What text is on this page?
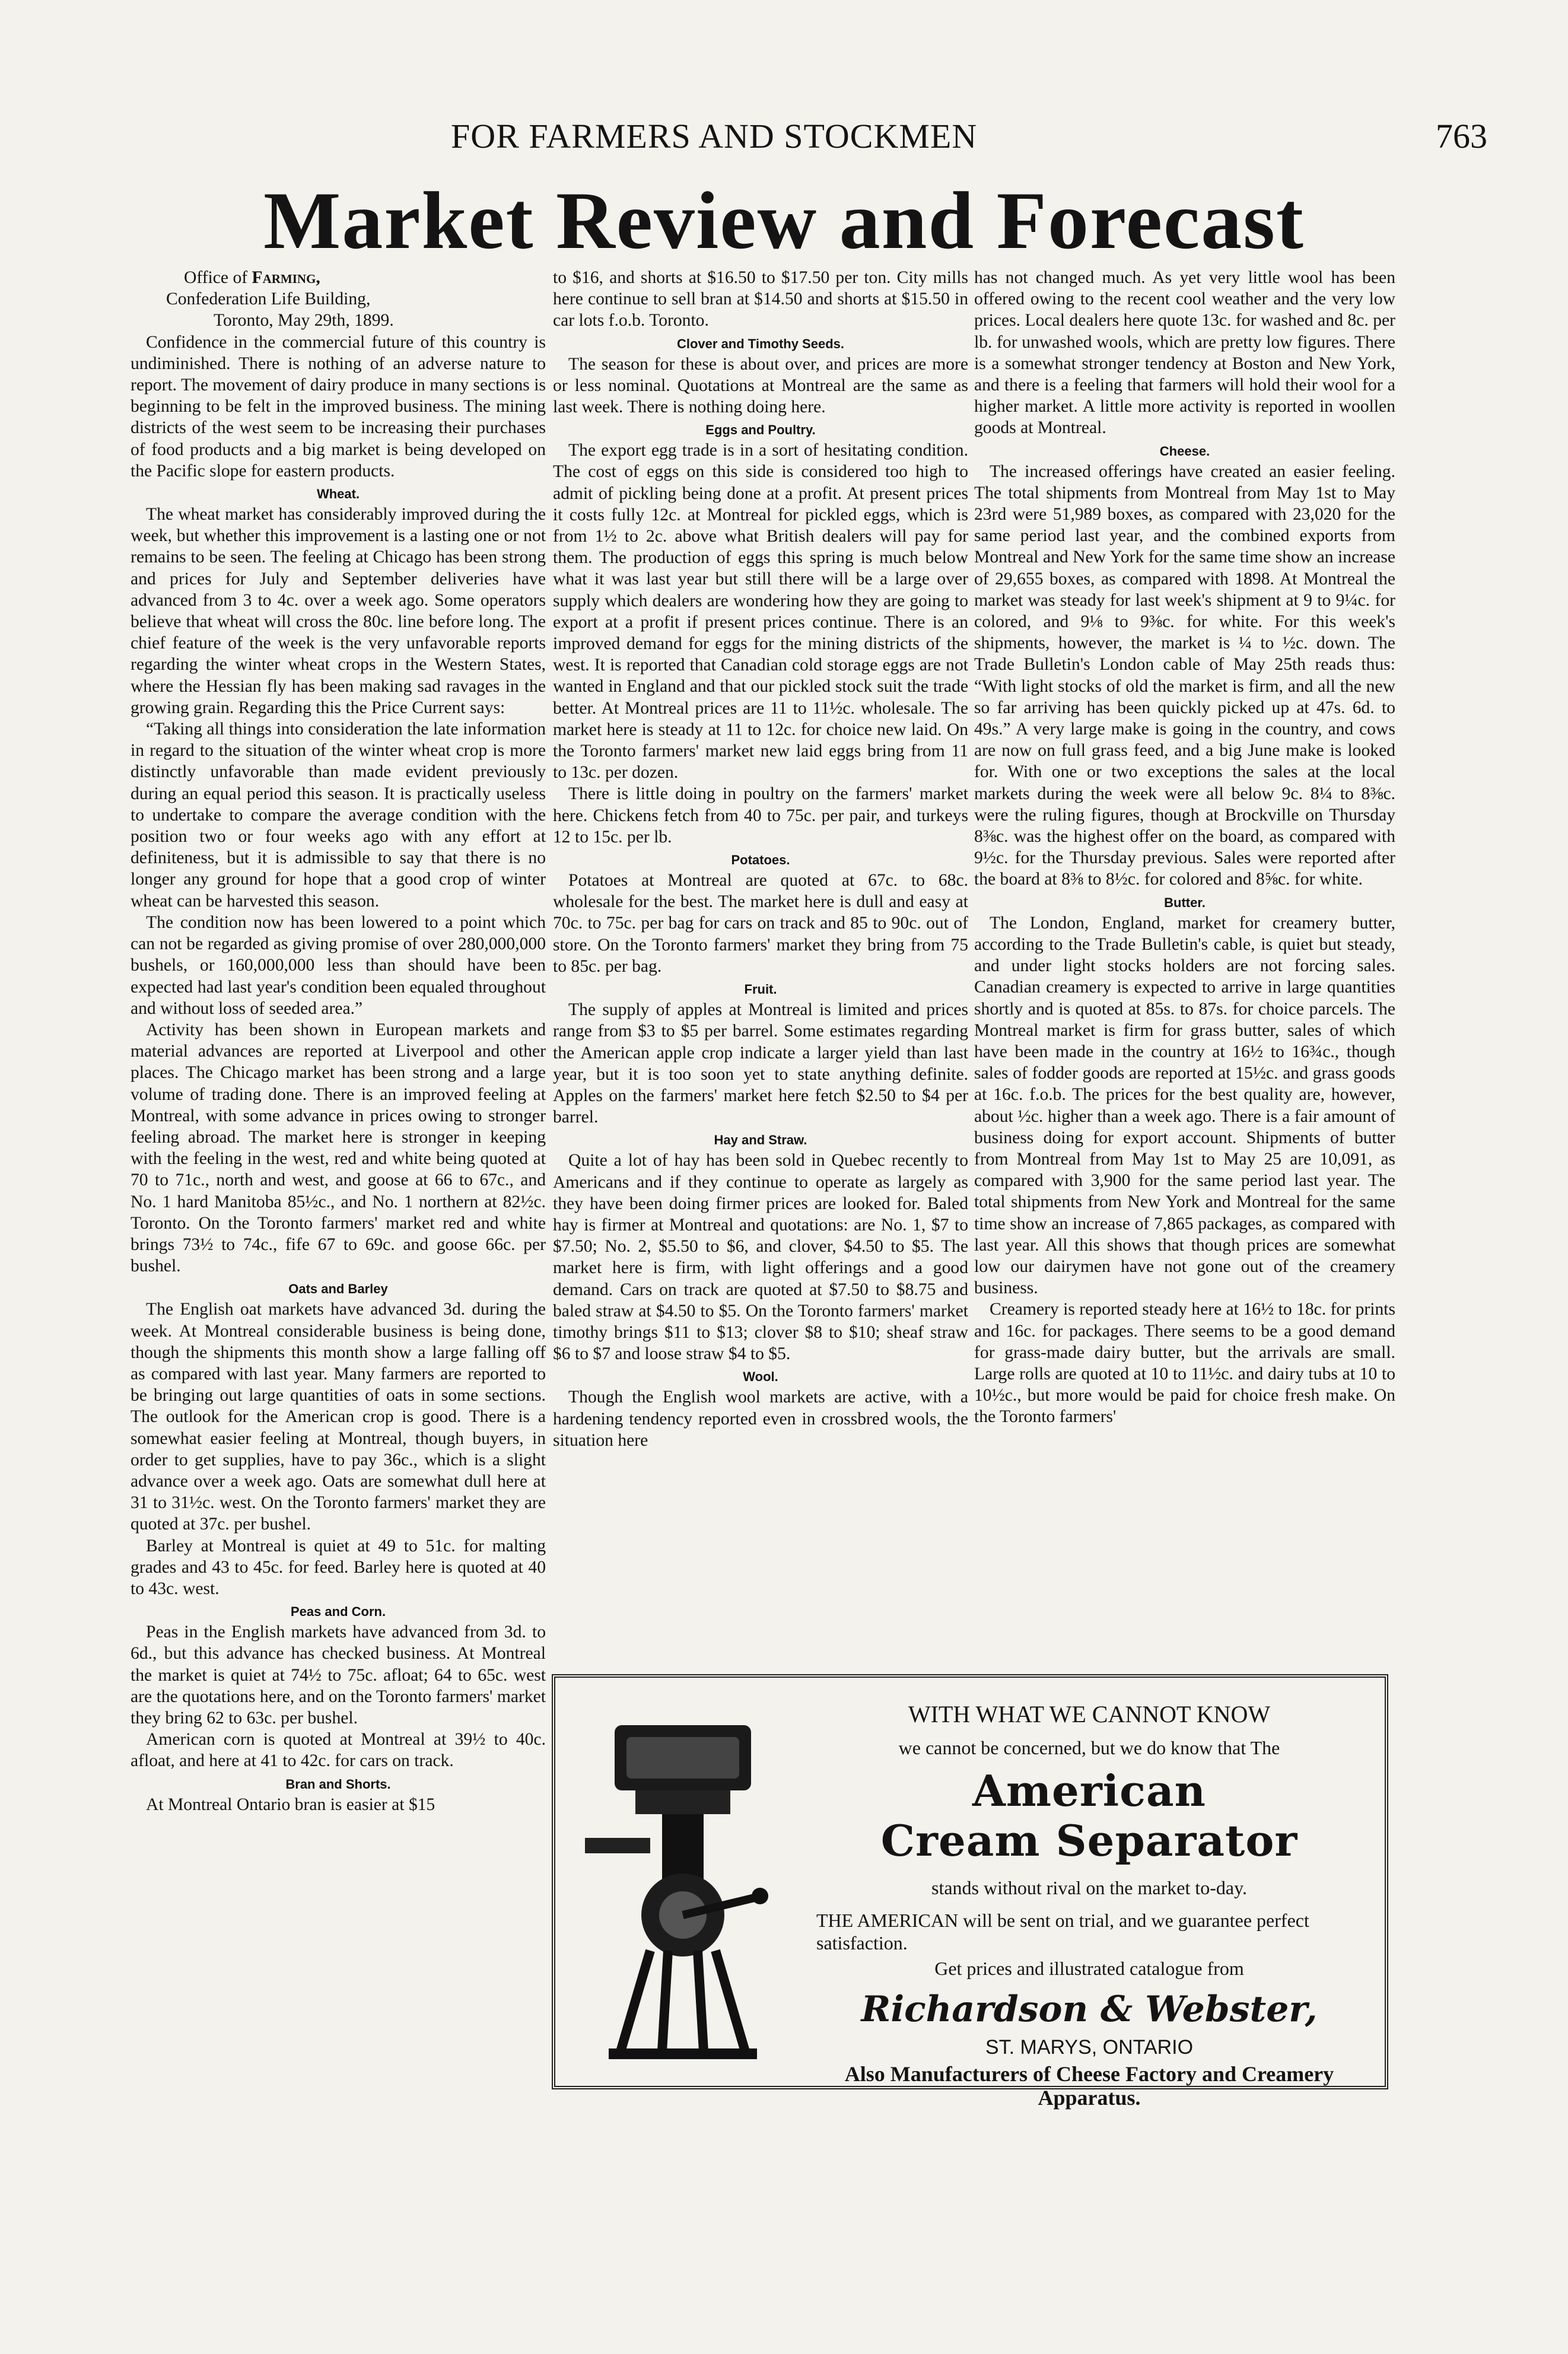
FOR FARMERS AND STOCKMEN	763
Market Review and Forecast
Office of Farming,
Confederation Life Building,
Toronto, May 29th, 1899.

Confidence in the commercial future of this country is undiminished. There is nothing of an adverse nature to report. The movement of dairy produce in many sections is beginning to be felt in the improved business. The mining districts of the west seem to be increasing their purchases of food products and a big market is being developed on the Pacific slope for eastern products.

Wheat.

The wheat market has considerably improved during the week, but whether this improvement is a lasting one or not remains to be seen. The feeling at Chicago has been strong and prices for July and September deliveries have advanced from 3 to 4c. over a week ago. Some operators believe that wheat will cross the 80c. line before long. The chief feature of the week is the very unfavorable reports regarding the winter wheat crops in the Western States, where the Hessian fly has been making sad ravages in the growing grain. Regarding this the Price Current says:

“Taking all things into consideration the late information in regard to the situation of the winter wheat crop is more distinctly unfavorable than made evident previously during an equal period this season. It is practically useless to undertake to compare the average condition with the position two or four weeks ago with any effort at definiteness, but it is admissible to say that there is no longer any ground for hope that a good crop of winter wheat can be harvested this season.

The condition now has been lowered to a point which can not be regarded as giving promise of over 280,000,000 bushels, or 160,000,000 less than should have been expected had last year's condition been equaled throughout and without loss of seeded area.”

Activity has been shown in European markets and material advances are reported at Liverpool and other places. The Chicago market has been strong and a large volume of trading done. There is an improved feeling at Montreal, with some advance in prices owing to stronger feeling abroad. The market here is stronger in keeping with the feeling in the west, red and white being quoted at 70 to 71c., north and west, and goose at 66 to 67c., and No. 1 hard Manitoba 85½c., and No. 1 northern at 82½c. Toronto. On the Toronto farmers' market red and white brings 73½ to 74c., fife 67 to 69c. and goose 66c. per bushel.

Oats and Barley

The English oat markets have advanced 3d. during the week. At Montreal considerable business is being done, though the shipments this month show a large falling off as compared with last year. Many farmers are reported to be bringing out large quantities of oats in some sections. The outlook for the American crop is good. There is a somewhat easier feeling at Montreal, though buyers, in order to get supplies, have to pay 36c., which is a slight advance over a week ago. Oats are somewhat dull here at 31 to 31½c. west. On the Toronto farmers' market they are quoted at 37c. per bushel.

Barley at Montreal is quiet at 49 to 51c. for malting grades and 43 to 45c. for feed. Barley here is quoted at 40 to 43c. west.

Peas and Corn.

Peas in the English markets have advanced from 3d. to 6d., but this advance has checked business. At Montreal the market is quiet at 74½ to 75c. afloat; 64 to 65c. west are the quotations here, and on the Toronto farmers' market they bring 62 to 63c. per bushel.

American corn is quoted at Montreal at 39½ to 40c. afloat, and here at 41 to 42c. for cars on track.

Bran and Shorts.

At Montreal Ontario bran is easier at $15

to $16, and shorts at $16.50 to $17.50 per ton. City mills here continue to sell bran at $14.50 and shorts at $15.50 in car lots f.o.b. Toronto.

Clover and Timothy Seeds.

The season for these is about over, and prices are more or less nominal. Quotations at Montreal are the same as last week. There is nothing doing here.

Eggs and Poultry.

The export egg trade is in a sort of hesitating condition. The cost of eggs on this side is considered too high to admit of pickling being done at a profit. At present prices it costs fully 12c. at Montreal for pickled eggs, which is from 1½ to 2c. above what British dealers will pay for them. The production of eggs this spring is much below what it was last year but still there will be a large over supply which dealers are wondering how they are going to export at a profit if present prices continue. There is an improved demand for eggs for the mining districts of the west. It is reported that Canadian cold storage eggs are not wanted in England and that our pickled stock suit the trade better. At Montreal prices are 11 to 11½c. wholesale. The market here is steady at 11 to 12c. for choice new laid. On the Toronto farmers' market new laid eggs bring from 11 to 13c. per dozen.

There is little doing in poultry on the farmers' market here. Chickens fetch from 40 to 75c. per pair, and turkeys 12 to 15c. per lb.

Potatoes.

Potatoes at Montreal are quoted at 67c. to 68c. wholesale for the best. The market here is dull and easy at 70c. to 75c. per bag for cars on track and 85 to 90c. out of store. On the Toronto farmers' market they bring from 75 to 85c. per bag.

Fruit.

The supply of apples at Montreal is limited and prices range from $3 to $5 per barrel. Some estimates regarding the American apple crop indicate a larger yield than last year, but it is too soon yet to state anything definite. Apples on the farmers' market here fetch $2.50 to $4 per barrel.

Hay and Straw.

Quite a lot of hay has been sold in Quebec recently to Americans and if they continue to operate as largely as they have been doing firmer prices are looked for. Baled hay is firmer at Montreal and quotations: are No. 1, $7 to $7.50; No. 2, $5.50 to $6, and clover, $4.50 to $5. The market here is firm, with light offerings and a good demand. Cars on track are quoted at $7.50 to $8.75 and baled straw at $4.50 to $5. On the Toronto farmers' market timothy brings $11 to $13; clover $8 to $10; sheaf straw $6 to $7 and loose straw $4 to $5.

Wool.

Though the English wool markets are active, with a hardening tendency reported even in crossbred wools, the situation here

has not changed much. As yet very little wool has been offered owing to the recent cool weather and the very low prices. Local dealers here quote 13c. for washed and 8c. per lb. for unwashed wools, which are pretty low figures. There is a somewhat stronger tendency at Boston and New York, and there is a feeling that farmers will hold their wool for a higher market. A little more activity is reported in woollen goods at Montreal.

Cheese.

The increased offerings have created an easier feeling. The total shipments from Montreal from May 1st to May 23rd were 51,989 boxes, as compared with 23,020 for the same period last year, and the combined exports from Montreal and New York for the same time show an increase of 29,655 boxes, as compared with 1898. At Montreal the market was steady for last week's shipment at 9 to 9¼c. for colored, and 9⅛ to 9⅜c. for white. For this week's shipments, however, the market is ¼ to ½c. down. The Trade Bulletin's London cable of May 25th reads thus: “With light stocks of old the market is firm, and all the new so far arriving has been quickly picked up at 47s. 6d. to 49s.” A very large make is going in the country, and cows are now on full grass feed, and a big June make is looked for. With one or two exceptions the sales at the local markets during the week were all below 9c. 8¼ to 8⅜c. were the ruling figures, though at Brockville on Thursday 8⅜c. was the highest offer on the board, as compared with 9½c. for the Thursday previous. Sales were reported after the board at 8⅜ to 8½c. for colored and 8⅝c. for white.

Butter.

The London, England, market for creamery butter, according to the Trade Bulletin's cable, is quiet but steady, and under light stocks holders are not forcing sales. Canadian creamery is expected to arrive in large quantities shortly and is quoted at 85s. to 87s. for choice parcels. The Montreal market is firm for grass butter, sales of which have been made in the country at 16½ to 16¾c., though sales of fodder goods are reported at 15½c. and grass goods at 16c. f.o.b. The prices for the best quality are, however, about ½c. higher than a week ago. There is a fair amount of business doing for export account. Shipments of butter from Montreal from May 1st to May 25 are 10,091, as compared with 3,900 for the same period last year. The total shipments from New York and Montreal for the same time show an increase of 7,865 packages, as compared with last year. All this shows that though prices are somewhat low our dairymen have not gone out of the creamery business.

Creamery is reported steady here at 16½ to 18c. for prints and 16c. for packages. There seems to be a good demand for grass-made dairy butter, but the arrivals are small. Large rolls are quoted at 10 to 11½c. and dairy tubs at 10 to 10½c., but more would be paid for choice fresh make. On the Toronto farmers'

WITH WHAT WE CANNOT KNOW
we cannot be concerned, but we do know that The
American
Cream Separator
stands without rival on the market to-day.
THE AMERICAN will be sent on trial, and we guarantee perfect satisfaction.
Get prices and illustrated catalogue from
Richardson & Webster,
ST. MARYS, ONTARIO
Also Manufacturers of Cheese Factory and Creamery Apparatus.
